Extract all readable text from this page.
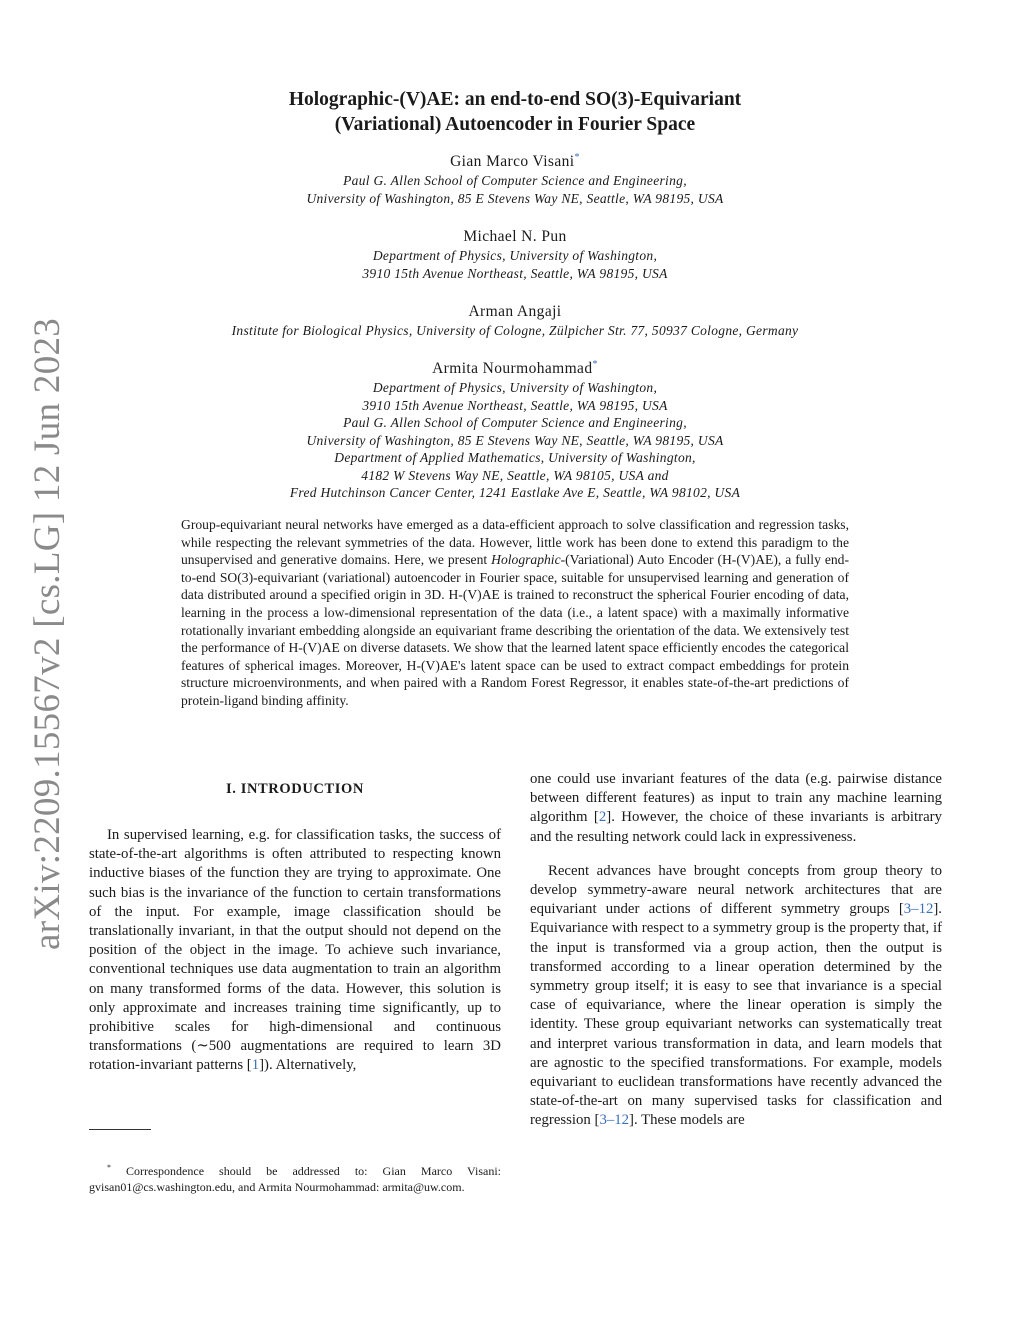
arXiv:2209.15567v2 [cs.LG] 12 Jun 2023
Holographic-(V)AE: an end-to-end SO(3)-Equivariant
(Variational) Autoencoder in Fourier Space
Gian Marco Visani*
Paul G. Allen School of Computer Science and Engineering,
University of Washington, 85 E Stevens Way NE, Seattle, WA 98195, USA
Michael N. Pun
Department of Physics, University of Washington,
3910 15th Avenue Northeast, Seattle, WA 98195, USA
Arman Angaji
Institute for Biological Physics, University of Cologne, Zülpicher Str. 77, 50937 Cologne, Germany
Armita Nourmohammad*
Department of Physics, University of Washington,
3910 15th Avenue Northeast, Seattle, WA 98195, USA
Paul G. Allen School of Computer Science and Engineering,
University of Washington, 85 E Stevens Way NE, Seattle, WA 98195, USA
Department of Applied Mathematics, University of Washington,
4182 W Stevens Way NE, Seattle, WA 98105, USA and
Fred Hutchinson Cancer Center, 1241 Eastlake Ave E, Seattle, WA 98102, USA

Group-equivariant neural networks have emerged as a data-efficient approach to solve classification and regression tasks, while respecting the relevant symmetries of the data. However, little work has been done to extend this paradigm to the unsupervised and generative domains. Here, we present Holographic-(Variational) Auto Encoder (H-(V)AE), a fully end-to-end SO(3)-equivariant (variational) autoencoder in Fourier space, suitable for unsupervised learning and generation of data distributed around a specified origin in 3D. H-(V)AE is trained to reconstruct the spherical Fourier encoding of data, learning in the process a low-dimensional representation of the data (i.e., a latent space) with a maximally informative rotationally invariant embedding alongside an equivariant frame describing the orientation of the data. We extensively test the performance of H-(V)AE on diverse datasets. We show that the learned latent space efficiently encodes the categorical features of spherical images. Moreover, H-(V)AE's latent space can be used to extract compact embeddings for protein structure microenvironments, and when paired with a Random Forest Regressor, it enables state-of-the-art predictions of protein-ligand binding affinity.

I. INTRODUCTION

In supervised learning, e.g. for classification tasks, the success of state-of-the-art algorithms is often attributed to respecting known inductive biases of the function they are trying to approximate. One such bias is the invariance of the function to certain transformations of the input. For example, image classification should be translationally invariant, in that the output should not depend on the position of the object in the image. To achieve such invariance, conventional techniques use data augmentation to train an algorithm on many transformed forms of the data. However, this solution is only approximate and increases training time significantly, up to prohibitive scales for high-dimensional and continuous transformations (∼500 augmentations are required to learn 3D rotation-invariant patterns [1]). Alternatively,

one could use invariant features of the data (e.g. pairwise distance between different features) as input to train any machine learning algorithm [2]. However, the choice of these invariants is arbitrary and the resulting network could lack in expressiveness.

Recent advances have brought concepts from group theory to develop symmetry-aware neural network architectures that are equivariant under actions of different symmetry groups [3–12]. Equivariance with respect to a symmetry group is the property that, if the input is transformed via a group action, then the output is transformed according to a linear operation determined by the symmetry group itself; it is easy to see that invariance is a special case of equivariance, where the linear operation is simply the identity. These group equivariant networks can systematically treat and interpret various transformation in data, and learn models that are agnostic to the specified transformations. For example, models equivariant to euclidean transformations have recently advanced the state-of-the-art on many supervised tasks for classification and regression [3–12]. These models are

* Correspondence should be addressed to: Gian Marco Visani: gvisan01@cs.washington.edu, and Armita Nourmohammad: armita@uw.com.
